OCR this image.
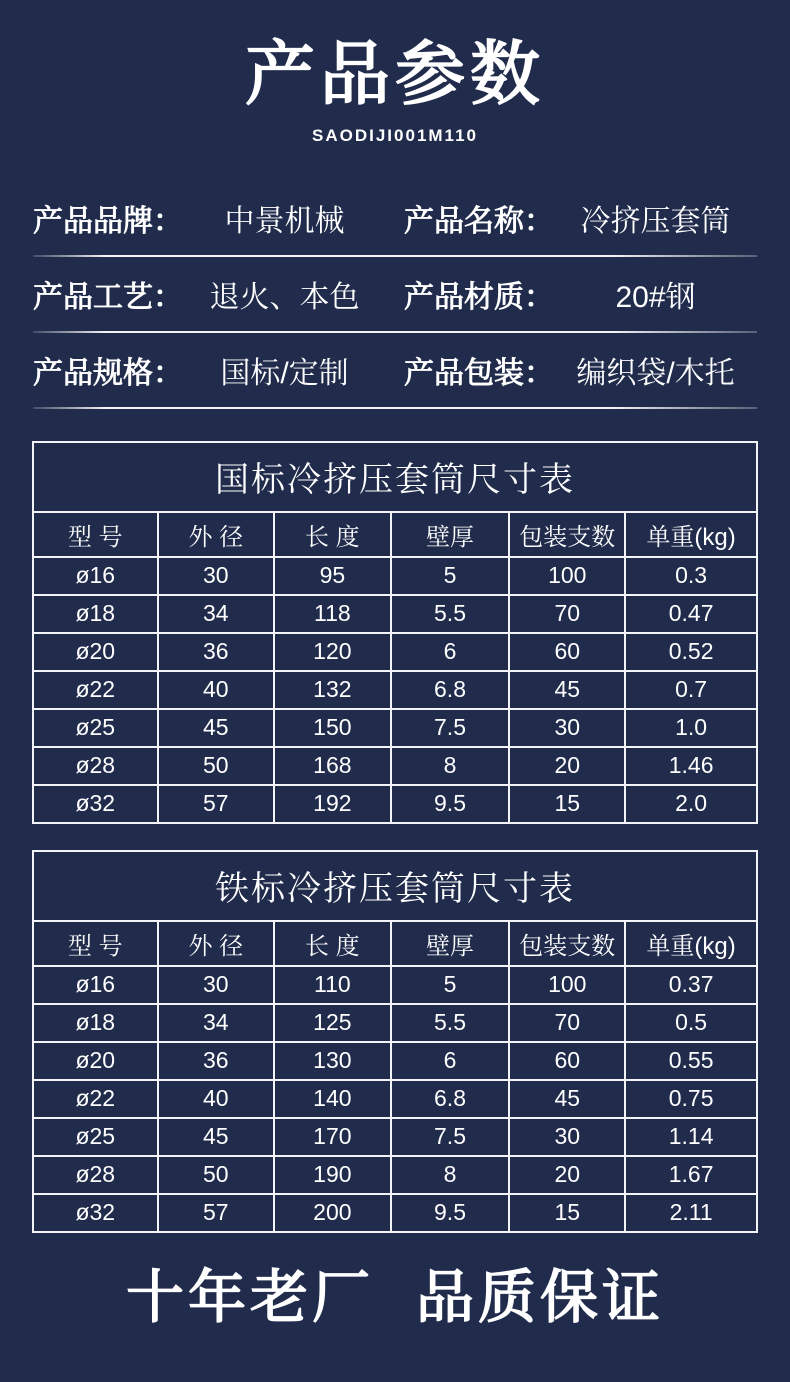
产品参数
SAODIJI001M110
产品品牌：	中景机械	产品名称： 冷挤压套筒
产品工艺： 退火、本色	产品材质：	20#钢
产品规格：	国标/定制	产品包装： 编织袋/木托
国标冷挤压套筒尺寸表					
型 号	外 径	长 度	壁厚	包装支数	单重(kg)
ø16	30	95	5	100	0.3
ø18	34	118	5.5	70	0.47
ø20	36	120	6	60	0.52
ø22	40	132	6.8	45	0.7
ø25	45	150	7.5	30	1.0
ø28	50	168	8	20	1.46
ø32	57	192	9.5	15	2.0
铁标冷挤压套筒尺寸表					
型 号	外 径	长 度	壁厚	包装支数	单重(kg)
ø16	30	110	5	100	0.37
ø18	34	125	5.5	70	0.5
ø20	36	130	6	60	0.55
ø22	40	140	6.8	45	0.75
ø25	45	170	7.5	30	1.14
ø28	50	190	8	20	1.67
ø32	57	200	9.5	15	2.11
十年老厂 品质保证
